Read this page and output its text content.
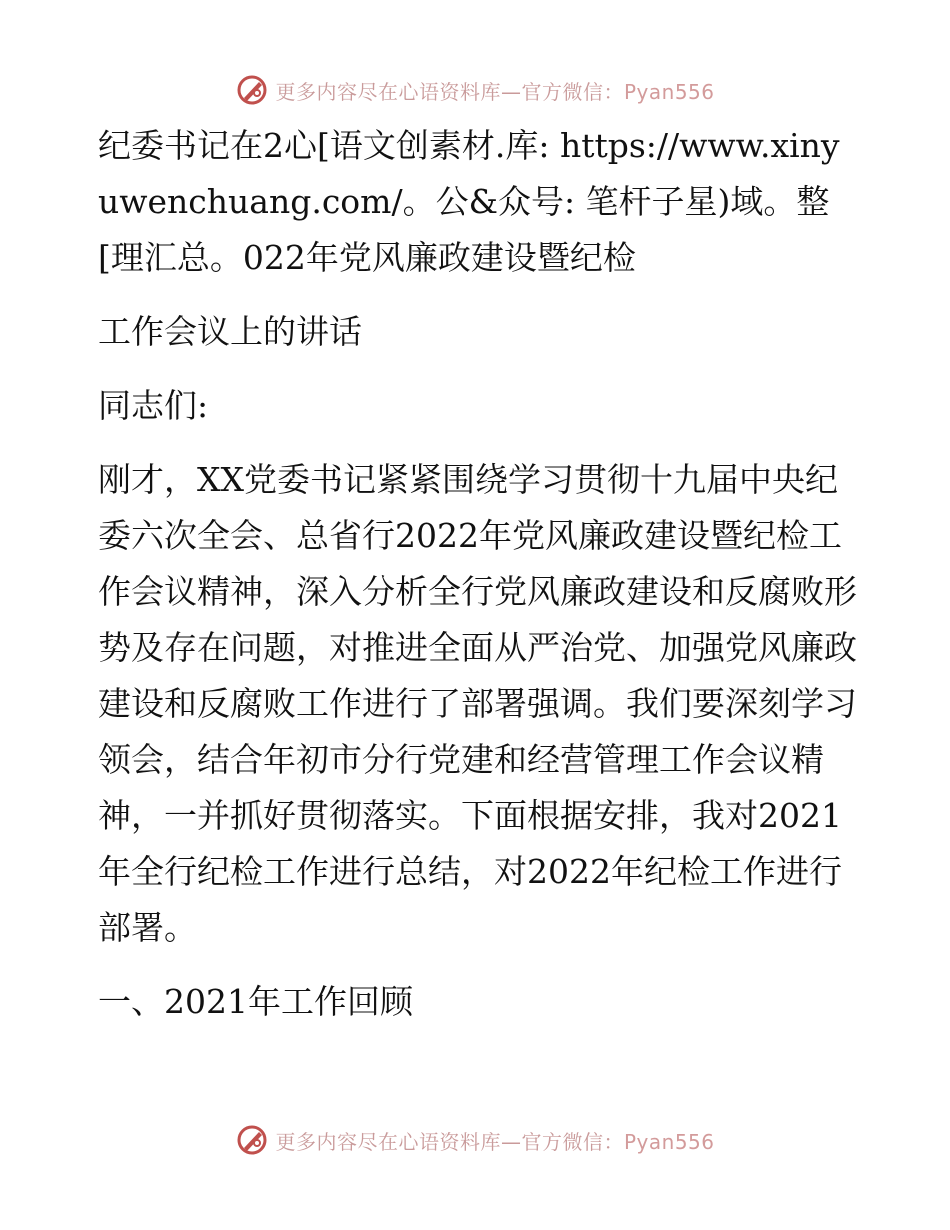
更多内容尽在心语资料库—官方微信：Pyan556

纪委书记在2心[语文创素材.库: https://www.xinyuwenchuang.com/。公&众号: 笔杆子星)域。整[理汇总。022年党风廉政建设暨纪检

工作会议上的讲话

同志们:

刚才，XX党委书记紧紧围绕学习贯彻十九届中央纪委六次全会、总省行2022年党风廉政建设暨纪检工作会议精神，深入分析全行党风廉政建设和反腐败形势及存在问题，对推进全面从严治党、加强党风廉政建设和反腐败工作进行了部署强调。我们要深刻学习领会，结合年初市分行党建和经营管理工作会议精神，一并抓好贯彻落实。下面根据安排，我对2021年全行纪检工作进行总结，对2022年纪检工作进行部署。

一、2021年工作回顾

更多内容尽在心语资料库—官方微信：Pyan556
